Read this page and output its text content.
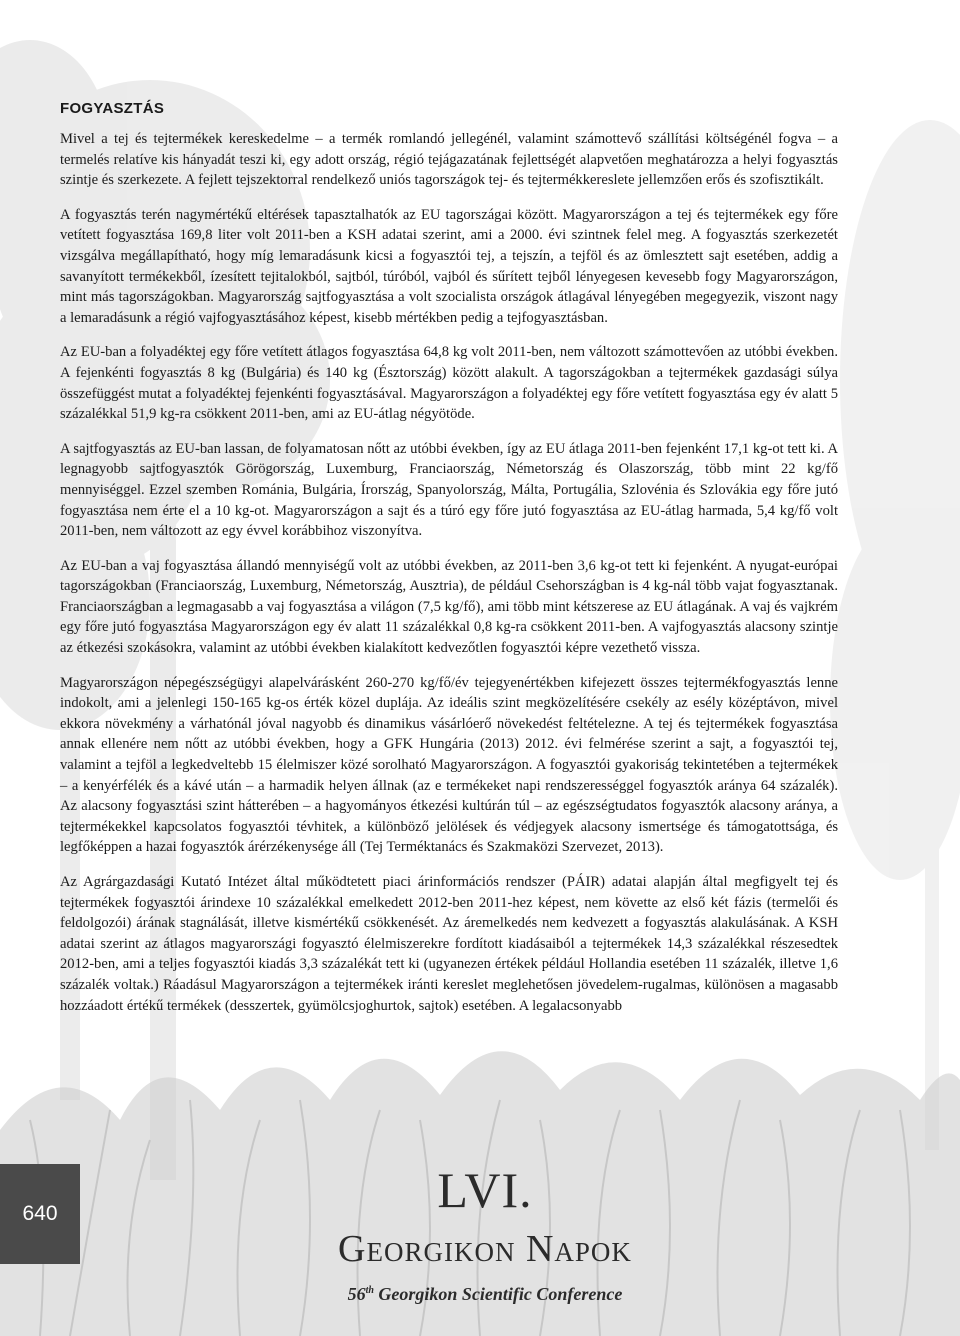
FOGYASZTÁS

Mivel a tej és tejtermékek kereskedelme – a termék romlandó jellegénél, valamint számottevő szállítási költségénél fogva – a termelés relatíve kis hányadát teszi ki, egy adott ország, régió tejágazatának fejlettségét alapvetően meghatározza a helyi fogyasztás szintje és szerkezete. A fejlett tejszektorral rendelkező uniós tagországok tej- és tejtermékkereslete jellemzően erős és szofisztikált.

A fogyasztás terén nagymértékű eltérések tapasztalhatók az EU tagországai között. Magyarországon a tej és tejtermékek egy főre vetített fogyasztása 169,8 liter volt 2011-ben a KSH adatai szerint, ami a 2000. évi szintnek felel meg. A fogyasztás szerkezetét vizsgálva megállapítható, hogy míg lemaradásunk kicsi a fogyasztói tej, a tejszín, a tejföl és az ömlesztett sajt esetében, addig a savanyított termékekből, ízesített tejitalokból, sajtból, túróból, vajból és sűrített tejből lényegesen kevesebb fogy Magyarországon, mint más tagországokban. Magyarország sajtfogyasztása a volt szocialista országok átlagával lényegében megegyezik, viszont nagy a lemaradásunk a régió vajfogyasztásához képest, kisebb mértékben pedig a tejfogyasztásban.

Az EU-ban a folyadéktej egy főre vetített átlagos fogyasztása 64,8 kg volt 2011-ben, nem változott számottevően az utóbbi években. A fejenkénti fogyasztás 8 kg (Bulgária) és 140 kg (Észtország) között alakult. A tagországokban a tejtermékek gazdasági súlya összefüggést mutat a folyadéktej fejenkénti fogyasztásával. Magyarországon a folyadéktej egy főre vetített fogyasztása egy év alatt 5 százalékkal 51,9 kg-ra csökkent 2011-ben, ami az EU-átlag négyötöde.

A sajtfogyasztás az EU-ban lassan, de folyamatosan nőtt az utóbbi években, így az EU átlaga 2011-ben fejenként 17,1 kg-ot tett ki. A legnagyobb sajtfogyasztók Görögország, Luxemburg, Franciaország, Németország és Olaszország, több mint 22 kg/fő mennyiséggel. Ezzel szemben Románia, Bulgária, Írország, Spanyolország, Málta, Portugália, Szlovénia és Szlovákia egy főre jutó fogyasztása nem érte el a 10 kg-ot. Magyarországon a sajt és a túró egy főre jutó fogyasztása az EU-átlag harmada, 5,4 kg/fő volt 2011-ben, nem változott az egy évvel korábbihoz viszonyítva.

Az EU-ban a vaj fogyasztása állandó mennyiségű volt az utóbbi években, az 2011-ben 3,6 kg-ot tett ki fejenként. A nyugat-európai tagországokban (Franciaország, Luxemburg, Németország, Ausztria), de például Csehországban is 4 kg-nál több vajat fogyasztanak. Franciaországban a legmagasabb a vaj fogyasztása a világon (7,5 kg/fő), ami több mint kétszerese az EU átlagának. A vaj és vajkrém egy főre jutó fogyasztása Magyarországon egy év alatt 11 százalékkal 0,8 kg-ra csökkent 2011-ben. A vajfogyasztás alacsony szintje az étkezési szokásokra, valamint az utóbbi években kialakított kedvezőtlen fogyasztói képre vezethető vissza.

Magyarországon népegészségügyi alapelvárásként 260-270 kg/fő/év tejegyenértékben kifejezett összes tejtermékfogyasztás lenne indokolt, ami a jelenlegi 150-165 kg-os érték közel duplája. Az ideális szint megközelítésére csekély az esély középtávon, mivel ekkora növekmény a várhatónál jóval nagyobb és dinamikus vásárlóerő növekedést feltételezne. A tej és tejtermékek fogyasztása annak ellenére nem nőtt az utóbbi években, hogy a GFK Hungária (2013) 2012. évi felmérése szerint a sajt, a fogyasztói tej, valamint a tejföl a legkedveltebb 15 élelmiszer közé sorolható Magyarországon. A fogyasztói gyakoriság tekintetében a tejtermékek – a kenyérfélék és a kávé után – a harmadik helyen állnak (az e termékeket napi rendszerességgel fogyasztók aránya 64 százalék). Az alacsony fogyasztási szint hátterében – a hagyományos étkezési kultúrán túl – az egészségtudatos fogyasztók alacsony aránya, a tejtermékekkel kapcsolatos fogyasztói tévhitek, a különböző jelölések és védjegyek alacsony ismertsége és támogatottsága, és legfőképpen a hazai fogyasztók árérzékenysége áll (Tej Terméktanács és Szakmaközi Szervezet, 2013).

Az Agrárgazdasági Kutató Intézet által működtetett piaci árinformációs rendszer (PÁIR) adatai alapján által megfigyelt tej és tejtermékek fogyasztói árindexe 10 százalékkal emelkedett 2012-ben 2011-hez képest, nem követte az első két fázis (termelői és feldolgozói) árának stagnálását, illetve kismértékű csökkenését. Az áremelkedés nem kedvezett a fogyasztás alakulásának. A KSH adatai szerint az átlagos magyarországi fogyasztó élelmiszerekre fordított kiadásaiból a tejtermékek 14,3 százalékkal részesedtek 2012-ben, ami a teljes fogyasztói kiadás 3,3 százalékát tett ki (ugyanezen értékek például Hollandia esetében 11 százalék, illetve 1,6 százalék voltak.) Ráadásul Magyarországon a tejtermékek iránti kereslet meglehetősen jövedelem-rugalmas, különösen a magasabb hozzáadott értékű termékek (desszertek, gyümölcsjoghurtok, sajtok) esetében. A legalacsonyabb

640	LVI.
Georgikon Napok
56th Georgikon Scientific Conference
